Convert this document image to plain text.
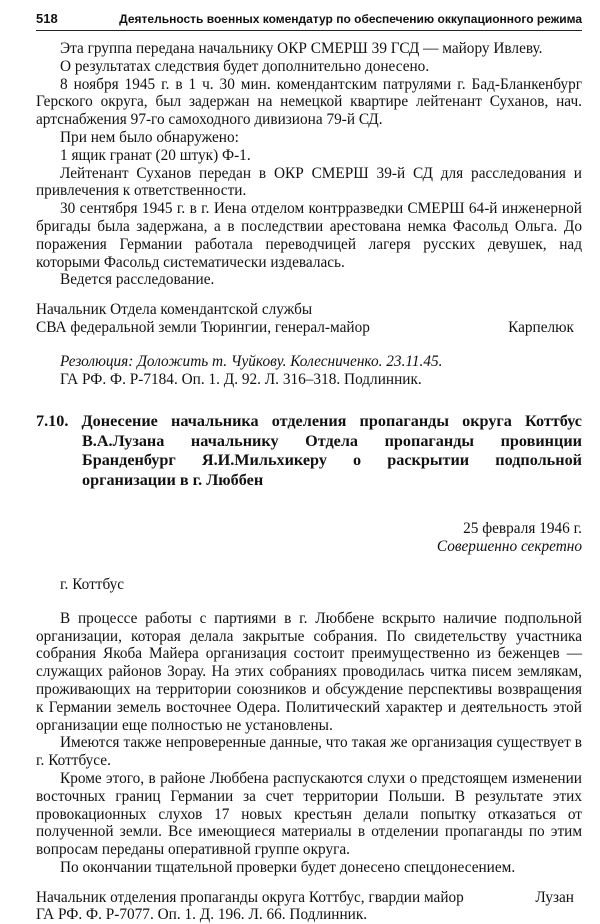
518	Деятельность военных комендатур по обеспечению оккупационного режима

Эта группа передана начальнику ОКР СМЕРШ 39 ГСД — майору Ивлеву.

О результатах следствия будет дополнительно донесено.

8 ноября 1945 г. в 1 ч. 30 мин. комендантским патрулями г. Бад-Бланкенбург Герского округа, был задержан на немецкой квартире лейтенант Суханов, нач. артснабжения 97-го самоходного дивизиона 79-й СД.

При нем было обнаружено:

1 ящик гранат (20 штук) Ф-1.

Лейтенант Суханов передан в ОКР СМЕРШ 39-й СД для расследования и привлечения к ответственности.

30 сентября 1945 г. в г. Иена отделом контрразведки СМЕРШ 64-й инженерной бригады была задержана, а в последствии арестована немка Фасольд Ольга. До поражения Германии работала переводчицей лагеря русских девушек, над которыми Фасольд систематически издевалась.

Ведется расследование.

Начальник Отдела комендантской службы

СВА федеральной земли Тюрингии, генерал-майор	Карпелюк

Резолюция: Доложить т. Чуйкову. Колесниченко. 23.11.45.

ГА РФ. Ф. Р-7184. Оп. 1. Д. 92. Л. 316–318. Подлинник.

7.10. Донесение начальника отделения пропаганды округа Коттбус В.А.Лузана начальнику Отдела пропаганды провинции Бранденбург Я.И.Мильхикеру о раскрытии подпольной организации в г. Люббен

25 февраля 1946 г.
Совершенно секретно

г. Коттбус

В процессе работы с партиями в г. Люббене вскрыто наличие подпольной организации, которая делала закрытые собрания. По свидетельству участника собрания Якоба Майера организация состоит преимущественно из беженцев — служащих районов Зорау. На этих собраниях проводилась читка писем землякам, проживающих на территории союзников и обсуждение перспективы возвращения к Германии земель восточнее Одера. Политический характер и деятельность этой организации еще полностью не установлены.

Имеются также непроверенные данные, что такая же организация существует в г. Коттбусе.

Кроме этого, в районе Люббена распускаются слухи о предстоящем изменении восточных границ Германии за счет территории Польши. В результате этих провокационных слухов 17 новых крестьян делали попытку отказаться от полученной земли. Все имеющиеся материалы в отделении пропаганды по этим вопросам переданы оперативной группе округа.

По окончании тщательной проверки будет донесено спецдонесением.

Начальник отделения пропаганды округа Коттбус, гвардии майор	Лузан

ГА РФ. Ф. Р-7077. Оп. 1. Д. 196. Л. 66. Подлинник.
